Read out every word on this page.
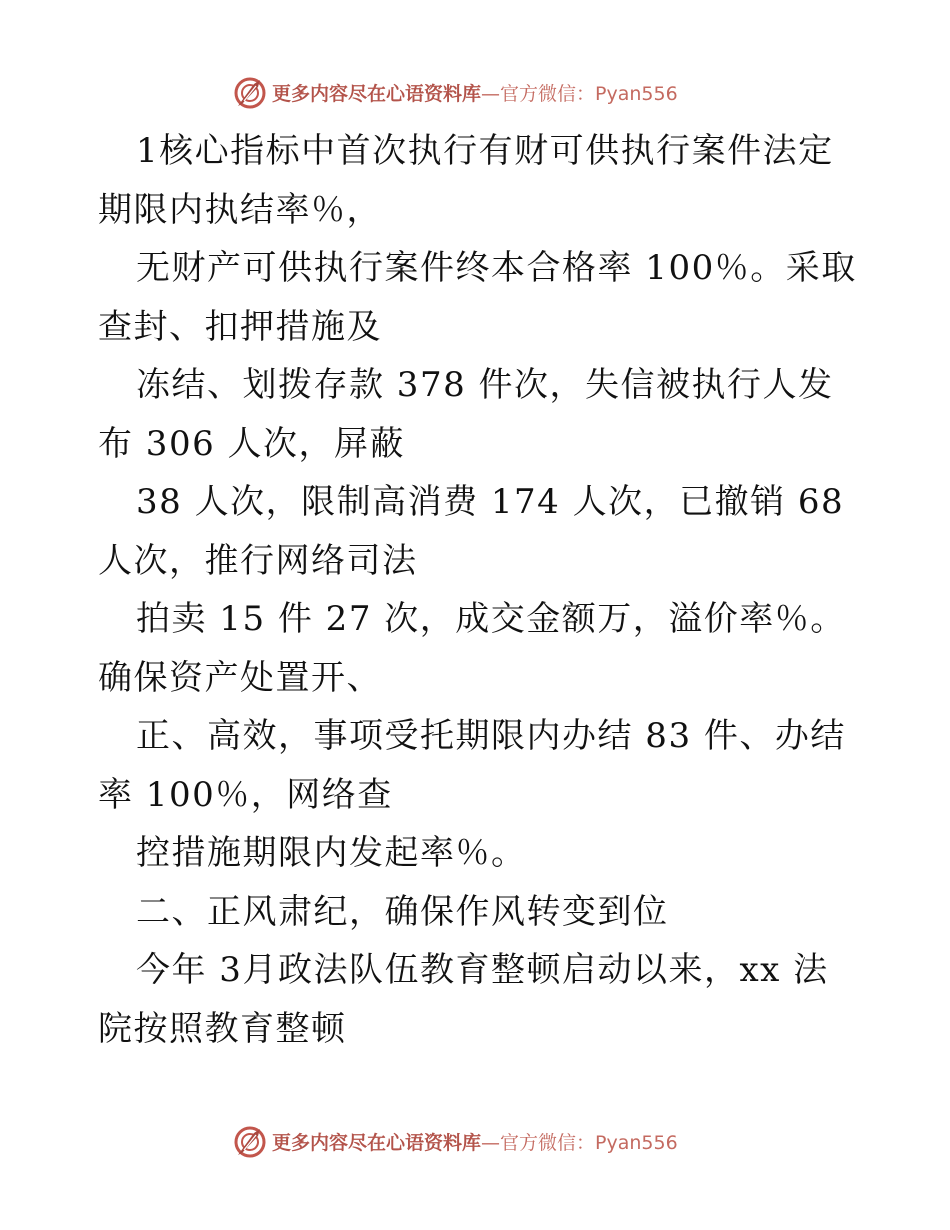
更多内容尽在心语资料库 —官方微信：Pyan556

1核心指标中首次执行有财可供执行案件法定期限内执结率％，

无财产可供执行案件终本合格率 100％。采取查封、扣押措施及

冻结、划拨存款 378 件次，失信被执行人发布 306 人次，屏蔽

38 人次，限制高消费 174 人次，已撤销 68 人次，推行网络司法

拍卖 15 件 27 次，成交金额万，溢价率％。确保资产处置开、

正、高效，事项受托期限内办结 83 件、办结率 100％，网络查

控措施期限内发起率％。

二、正风肃纪，确保作风转变到位

今年 3月政法队伍教育整顿启动以来，xx 法院按照教育整顿

更多内容尽在心语资料库 —官方微信：Pyan556
